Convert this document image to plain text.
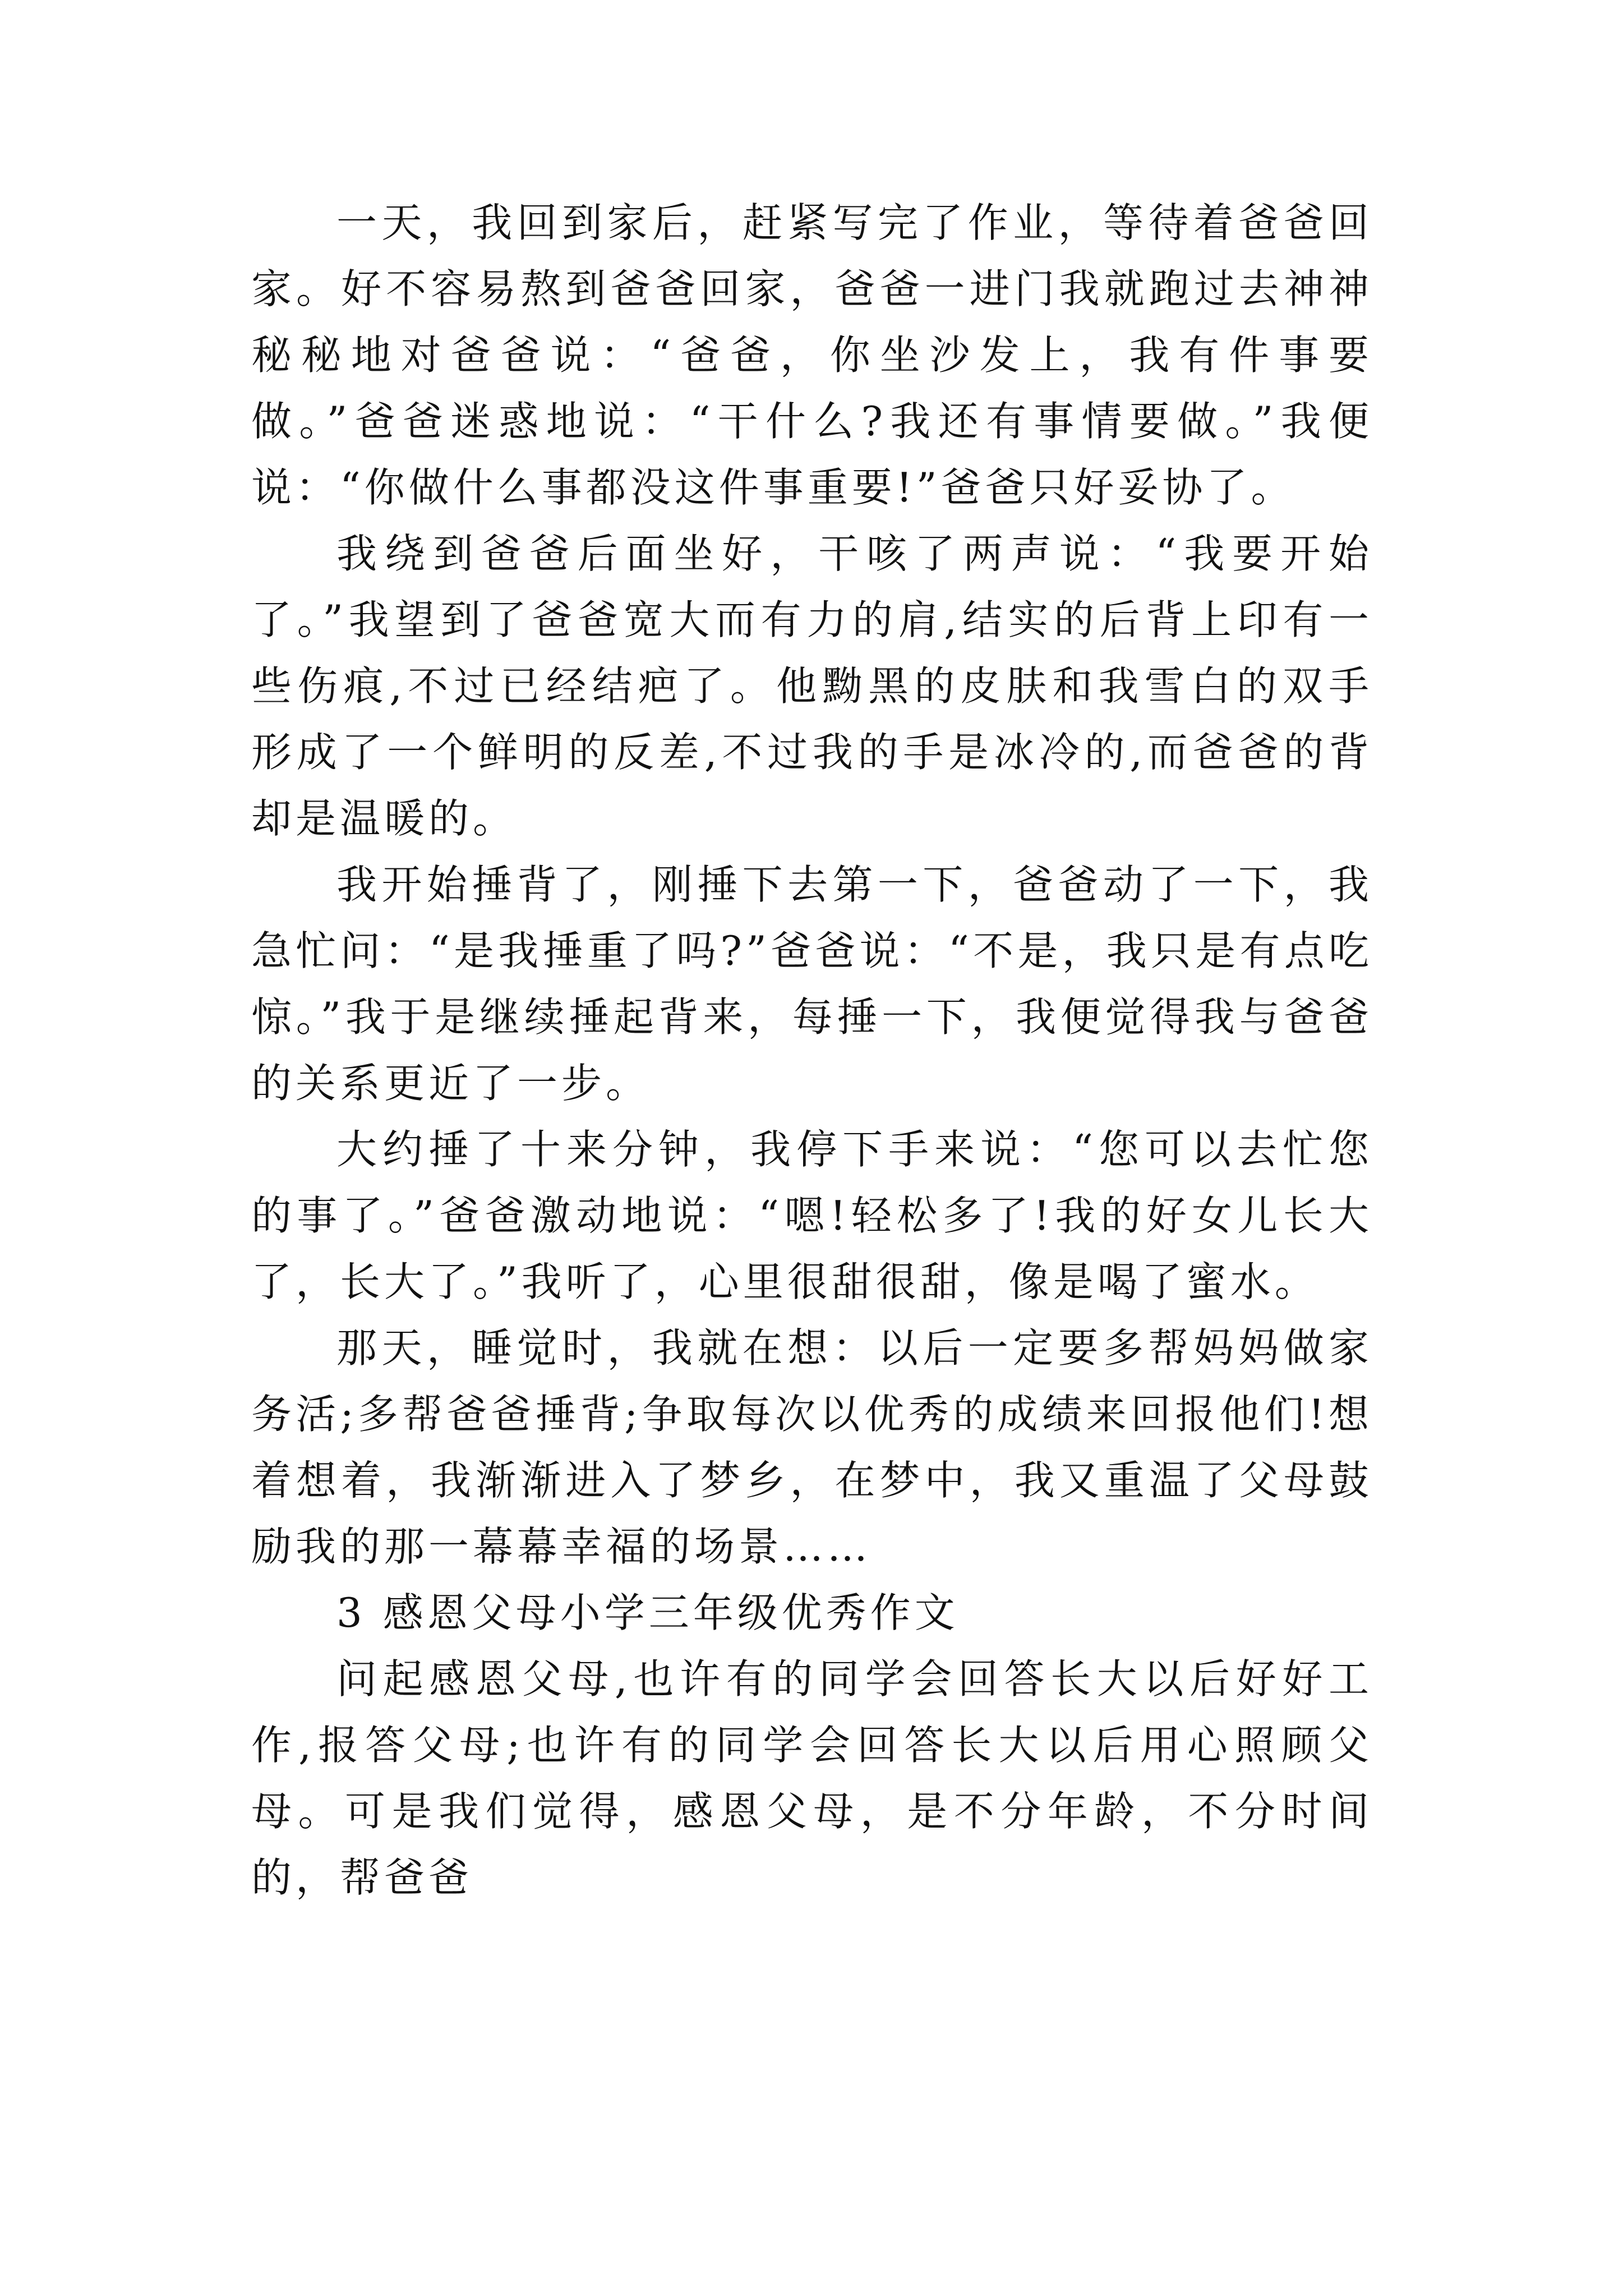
一天，我回到家后，赶紧写完了作业，等待着爸爸回家。好不容易熬到爸爸回家，爸爸一进门我就跑过去神神秘秘地对爸爸说：“爸爸，你坐沙发上，我有件事要做。”爸爸迷惑地说：“干什么?我还有事情要做。”我便说：“你做什么事都没这件事重要!”爸爸只好妥协了。

我绕到爸爸后面坐好，干咳了两声说：“我要开始了。”我望到了爸爸宽大而有力的肩,结实的后背上印有一些伤痕,不过已经结疤了。他黝黑的皮肤和我雪白的双手形成了一个鲜明的反差,不过我的手是冰冷的,而爸爸的背却是温暖的。

我开始捶背了，刚捶下去第一下，爸爸动了一下，我急忙问：“是我捶重了吗?”爸爸说：“不是，我只是有点吃惊。”我于是继续捶起背来，每捶一下，我便觉得我与爸爸的关系更近了一步。

大约捶了十来分钟，我停下手来说：“您可以去忙您的事了。”爸爸激动地说：“嗯!轻松多了!我的好女儿长大了，长大了。”我听了，心里很甜很甜，像是喝了蜜水。

那天，睡觉时，我就在想：以后一定要多帮妈妈做家务活;多帮爸爸捶背;争取每次以优秀的成绩来回报他们!想着想着，我渐渐进入了梦乡，在梦中，我又重温了父母鼓励我的那一幕幕幸福的场景……

3 感恩父母小学三年级优秀作文

问起感恩父母,也许有的同学会回答长大以后好好工作,报答父母;也许有的同学会回答长大以后用心照顾父母。可是我们觉得，感恩父母，是不分年龄，不分时间的，帮爸爸
